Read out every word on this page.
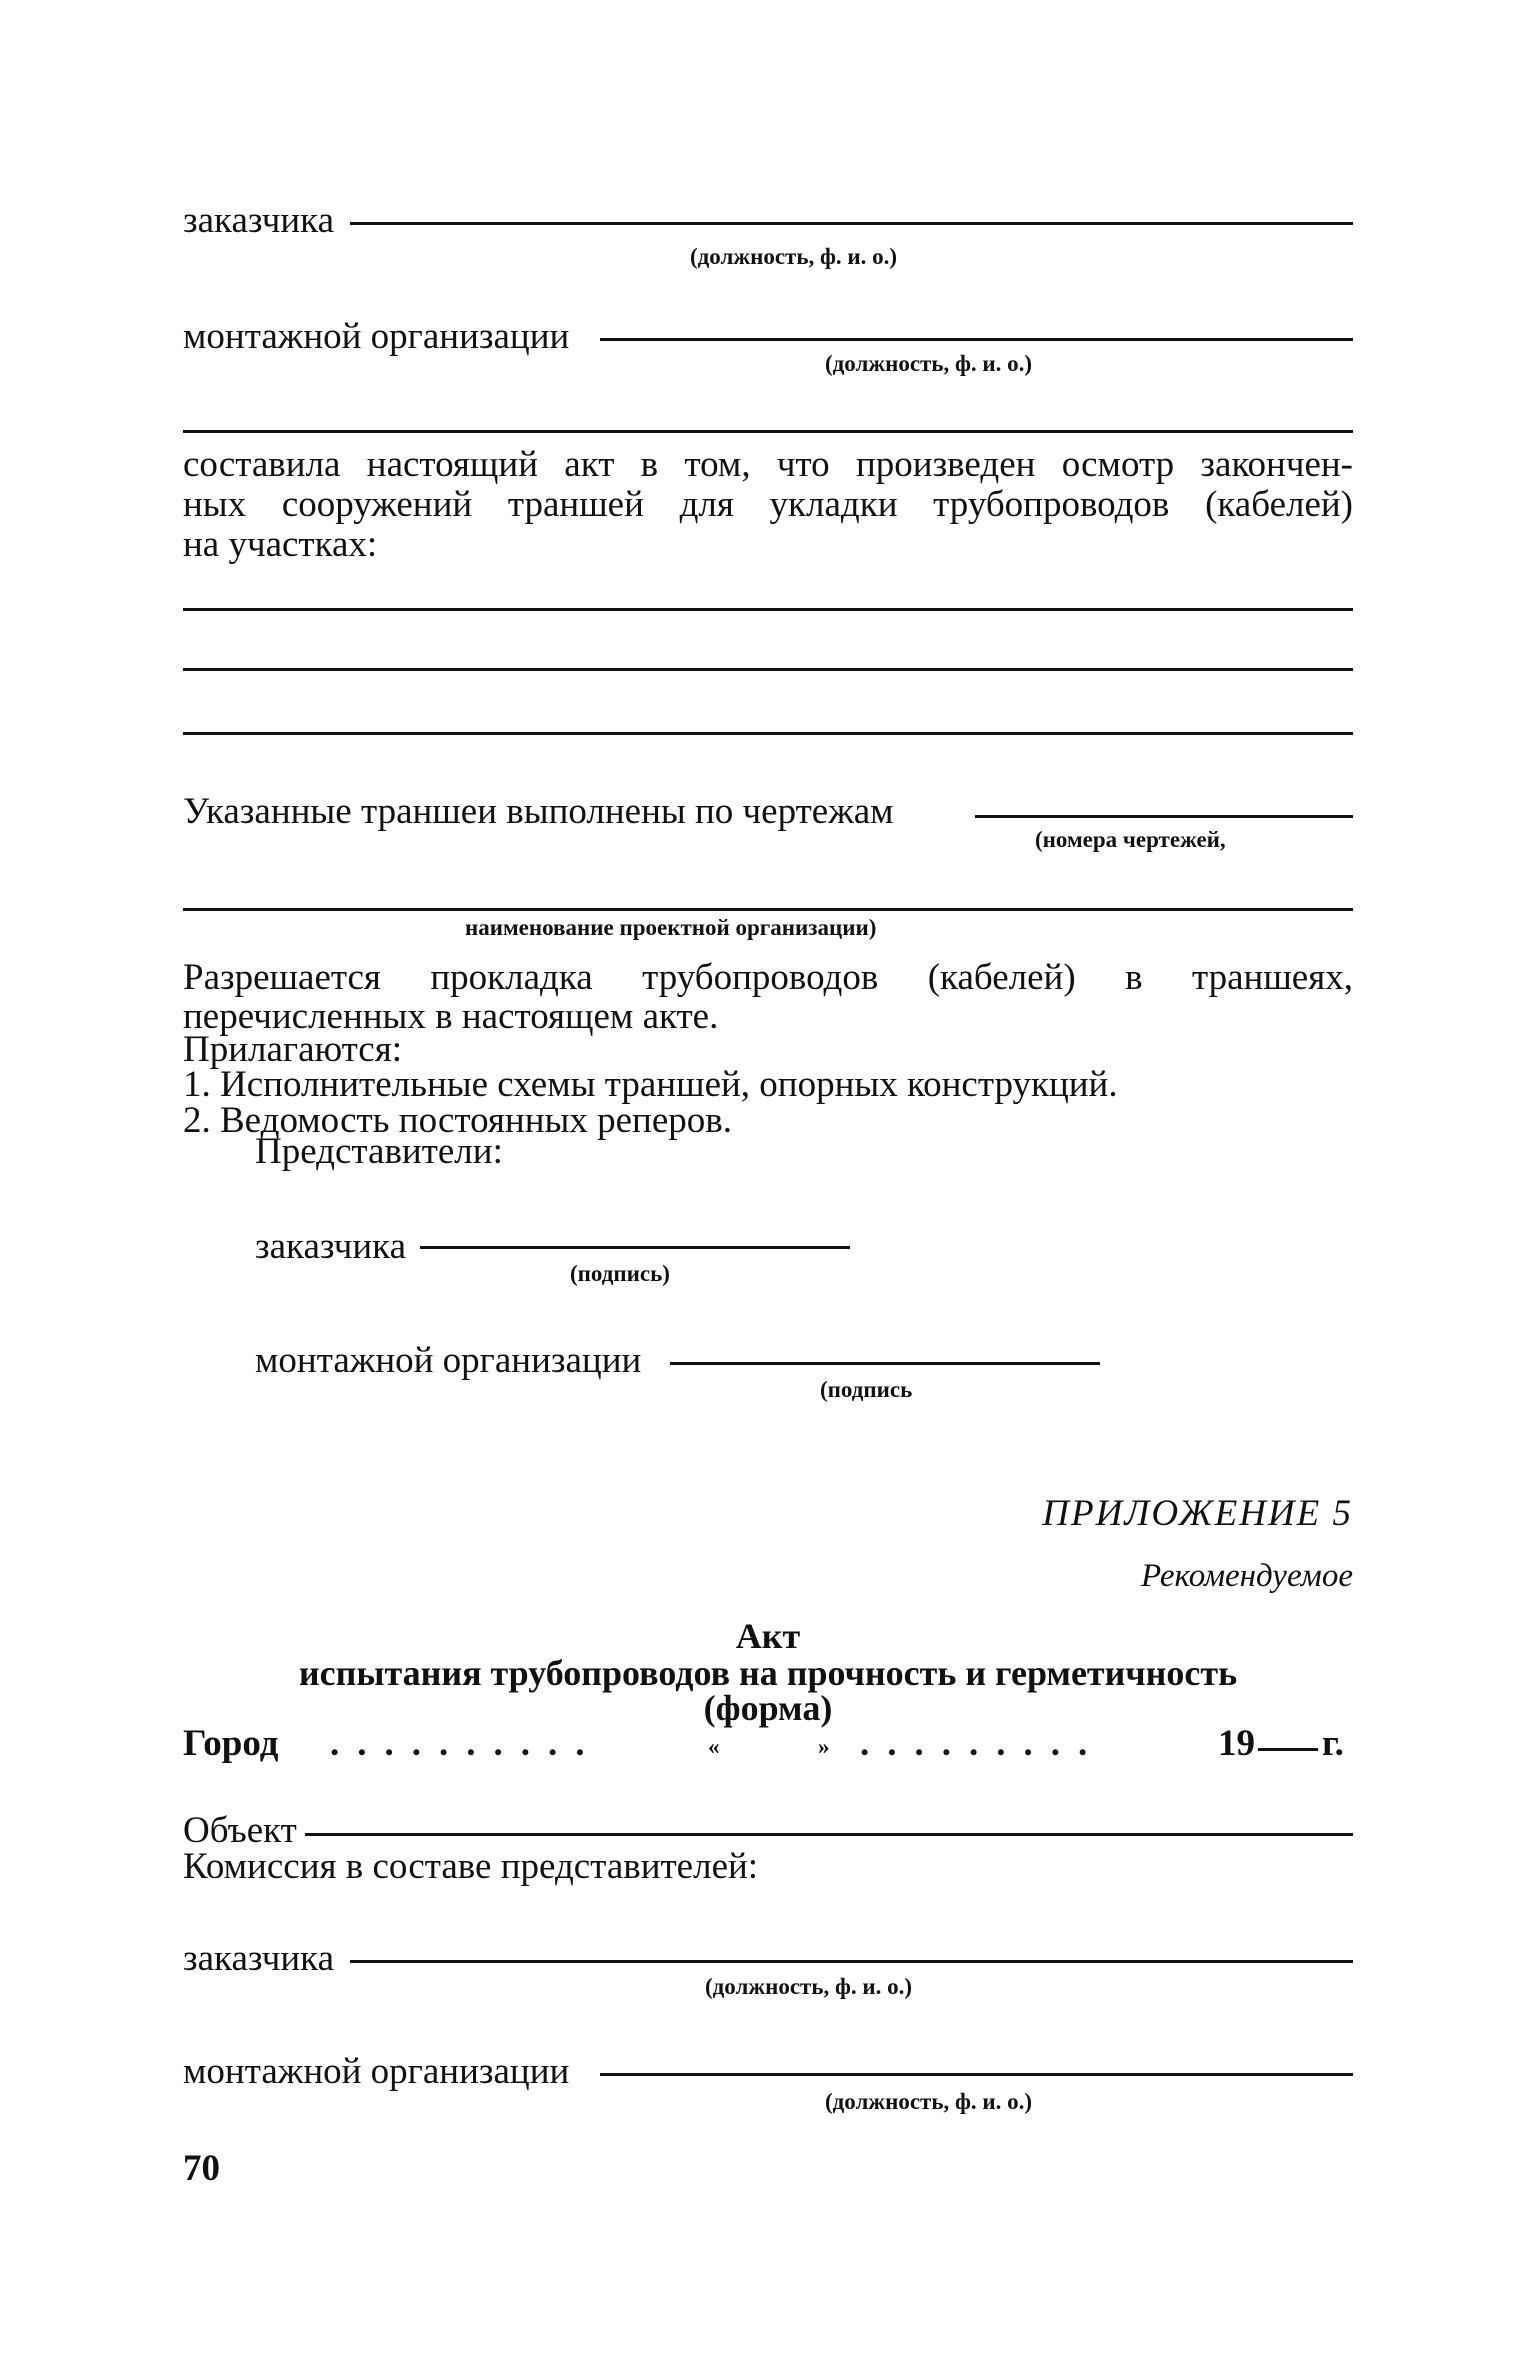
заказчика
(должность, ф. и. о.)
монтажной организации
(должность, ф. и. о.)
составила настоящий акт в том, что произведен осмотр закончен-
ных сооружений траншей для укладки трубопроводов (кабелей)
на участках:
Указанные траншеи выполнены по чертежам
(номера чертежей,
наименование проектной организации)
Разрешается прокладка трубопроводов (кабелей) в траншеях,
перечисленных в настоящем акте.
Прилагаются:
1. Исполнительные схемы траншей, опорных конструкций.
2. Ведомость постоянных реперов.
Представители:
заказчика
(подпись)
монтажной организации
(подпись
ПРИЛОЖЕНИЕ 5
Рекомендуемое
Акт
испытания трубопроводов на прочность и герметичность
(форма)
Город ..........	«	» .........	19 г.
Объект
Комиссия в составе представителей:
заказчика
(должность, ф. и. о.)
монтажной организации
(должность, ф. и. о.)
70
